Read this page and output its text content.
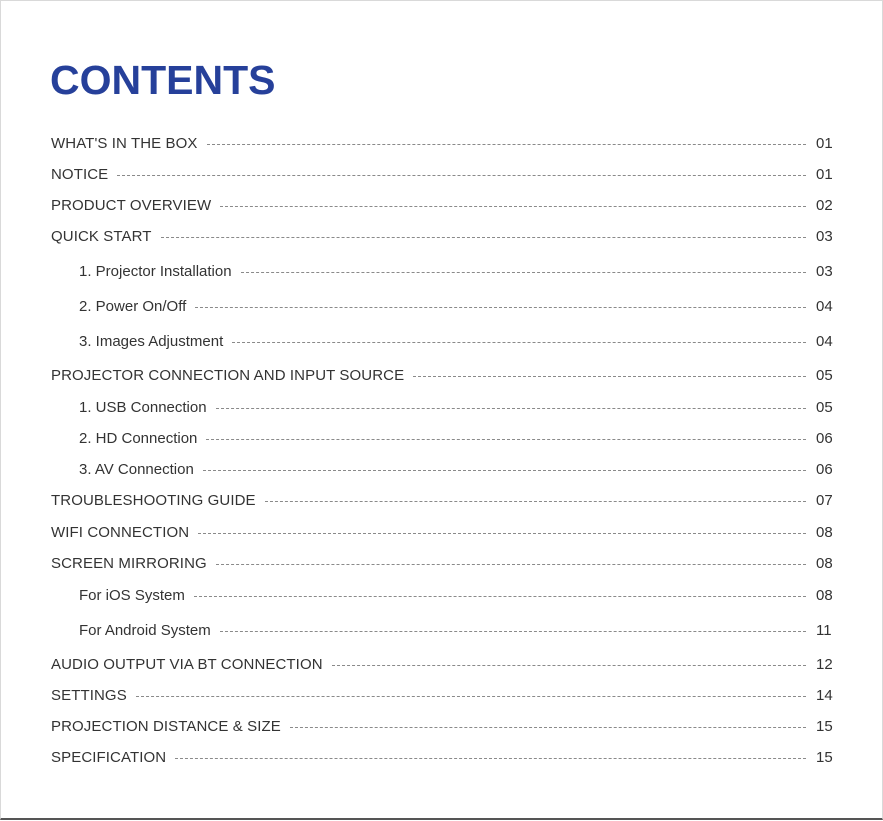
CONTENTS
WHAT'S IN THE BOX	01
NOTICE	01
PRODUCT OVERVIEW	02
QUICK START	03
1. Projector Installation	03
2. Power On/Off	04
3. Images Adjustment	04
PROJECTOR CONNECTION AND INPUT SOURCE	05
1. USB Connection	05
2. HD Connection	06
3. AV Connection	06
TROUBLESHOOTING GUIDE	07
WIFI CONNECTION	08
SCREEN MIRRORING	08
For iOS System	08
For Android System	11
AUDIO OUTPUT VIA BT CONNECTION	12
SETTINGS	14
PROJECTION DISTANCE & SIZE	15
SPECIFICATION	15
